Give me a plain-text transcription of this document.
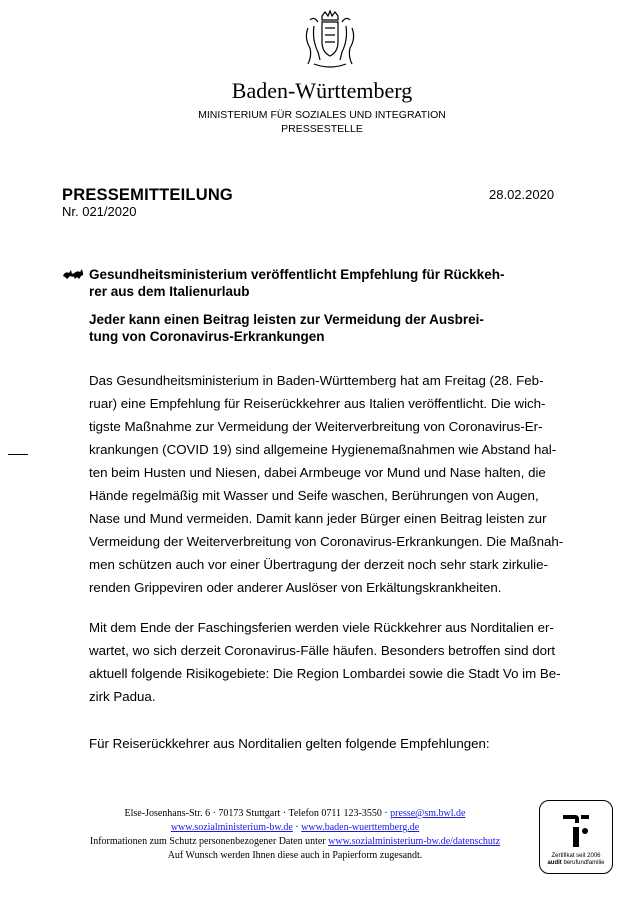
Baden-Württemberg
MINISTERIUM FÜR SOZIALES UND INTEGRATION
PRESSESTELLE
PRESSEMITTEILUNG
Nr. 021/2020
28.02.2020
Gesundheitsministerium veröffentlicht Empfehlung für Rückkeh-
rer aus dem Italienurlaub
Jeder kann einen Beitrag leisten zur Vermeidung der Ausbrei-
tung von Coronavirus-Erkrankungen
Das Gesundheitsministerium in Baden-Württemberg hat am Freitag (28. Feb-
ruar) eine Empfehlung für Reiserückkehrer aus Italien veröffentlicht. Die wich-
tigste Maßnahme zur Vermeidung der Weiterverbreitung von Coronavirus-Er-
krankungen (COVID 19) sind allgemeine Hygienemaßnahmen wie Abstand hal-
ten beim Husten und Niesen, dabei Armbeuge vor Mund und Nase halten, die
Hände regelmäßig mit Wasser und Seife waschen, Berührungen von Augen,
Nase und Mund vermeiden. Damit kann jeder Bürger einen Beitrag leisten zur
Vermeidung der Weiterverbreitung von Coronavirus-Erkrankungen. Die Maßnah-
men schützen auch vor einer Übertragung der derzeit noch sehr stark zirkulie-
renden Grippeviren oder anderer Auslöser von Erkältungskrankheiten.
Mit dem Ende der Faschingsferien werden viele Rückkehrer aus Norditalien er-
wartet, wo sich derzeit Coronavirus-Fälle häufen. Besonders betroffen sind dort
aktuell folgende Risikogebiete: Die Region Lombardei sowie die Stadt Vo im Be-
zirk Padua.
Für Reiserückkehrer aus Norditalien gelten folgende Empfehlungen:
Else-Josenhans-Str. 6 · 70173 Stuttgart · Telefon 0711 123-3550 · presse@sm.bwl.de
www.sozialministerium-bw.de · www.baden-wuerttemberg.de
Informationen zum Schutz personenbezogener Daten unter www.sozialministerium-bw.de/datenschutz
Auf Wunsch werden Ihnen diese auch in Papierform zugesandt.	Zertifikat seit 2006
audit berufundfamilie
